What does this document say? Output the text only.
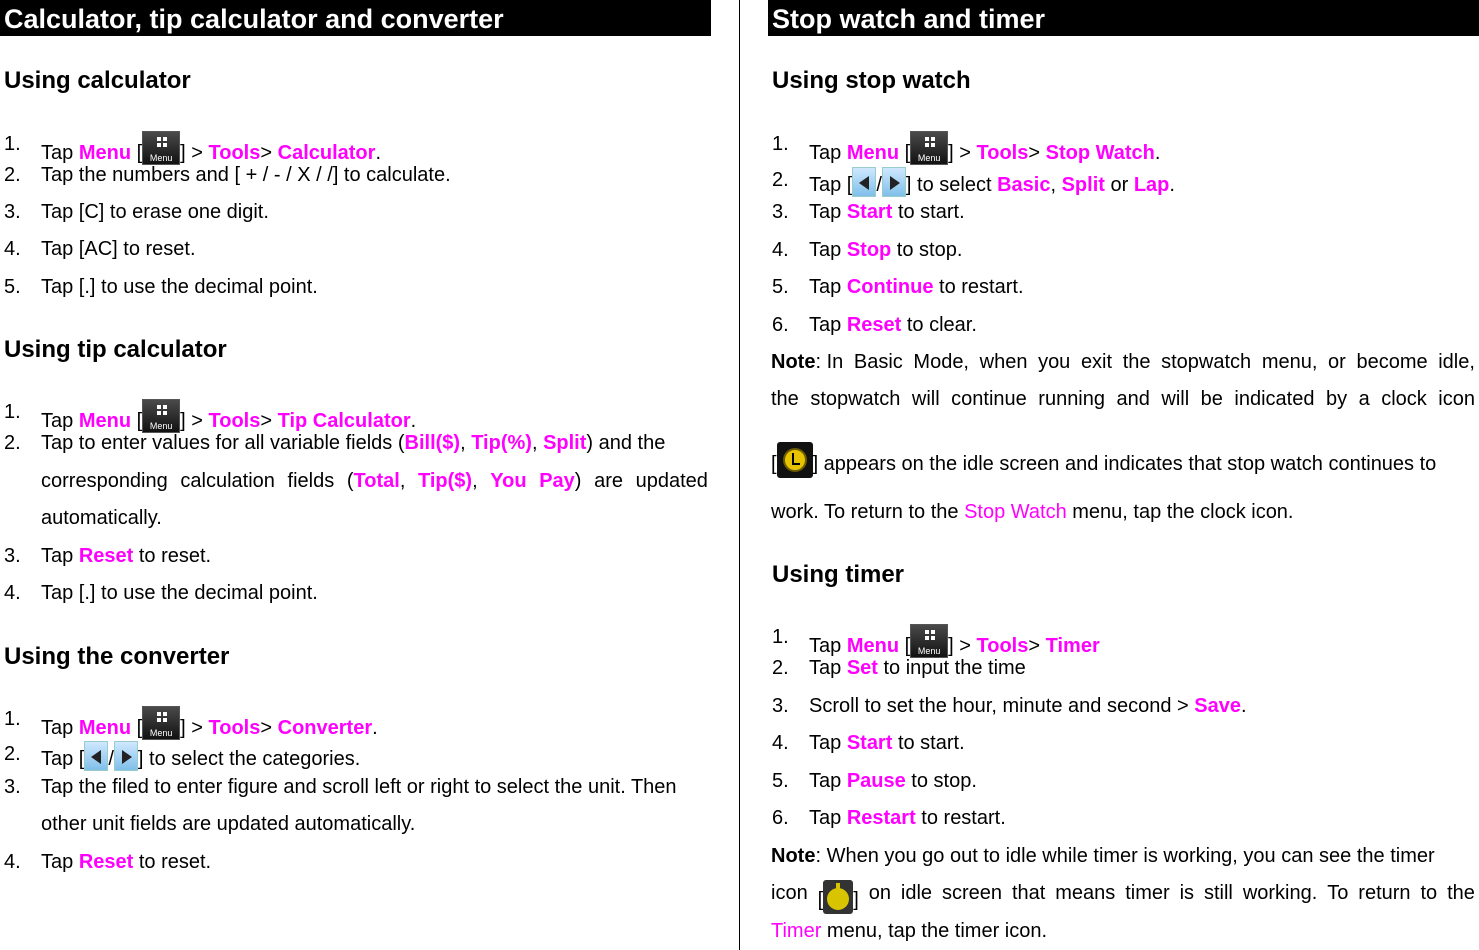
Calculator, tip calculator and converter
Using calculator
1. Tap Menu [ Menu ] > Tools> Calculator.
2. Tap the numbers and [ + / - / X / /] to calculate.
3. Tap [C] to erase one digit.
4. Tap [AC] to reset.
5. Tap [.] to use the decimal point.
Using tip calculator
1. Tap Menu [ Menu ] > Tools> Tip Calculator.
2. Tap to enter values for all variable fields (Bill($), Tip(%), Split) and the
corresponding calculation fields (Total, Tip($), You Pay) are updated
automatically.
3. Tap Reset to reset.
4. Tap [.] to use the decimal point.
Using the converter
1. Tap Menu [ Menu ] > Tools> Converter.
2. Tap [ / ] to select the categories.
3. Tap the filed to enter figure and scroll left or right to select the unit. Then
other unit fields are updated automatically.
4. Tap Reset to reset.
Stop watch and timer
Using stop watch
1. Tap Menu [ Menu ] > Tools> Stop Watch.
2. Tap [ / ] to select Basic, Split or Lap.
3. Tap Start to start.
4. Tap Stop to stop.
5. Tap Continue to restart.
6. Tap Reset to clear.
Note: In Basic Mode, when you exit the stopwatch menu, or become idle,
the stopwatch will continue running and will be indicated by a clock icon
[ ] appears on the idle screen and indicates that stop watch continues to
work. To return to the Stop Watch menu, tap the clock icon.
Using timer
1. Tap Menu [ Menu ] > Tools> Timer
2. Tap Set to input the time
3. Scroll to set the hour, minute and second > Save.
4. Tap Start to start.
5. Tap Pause to stop.
6. Tap Restart to restart.
Note: When you go out to idle while timer is working, you can see the timer
icon [ ] on idle screen that means timer is still working. To return to the
Timer menu, tap the timer icon.
